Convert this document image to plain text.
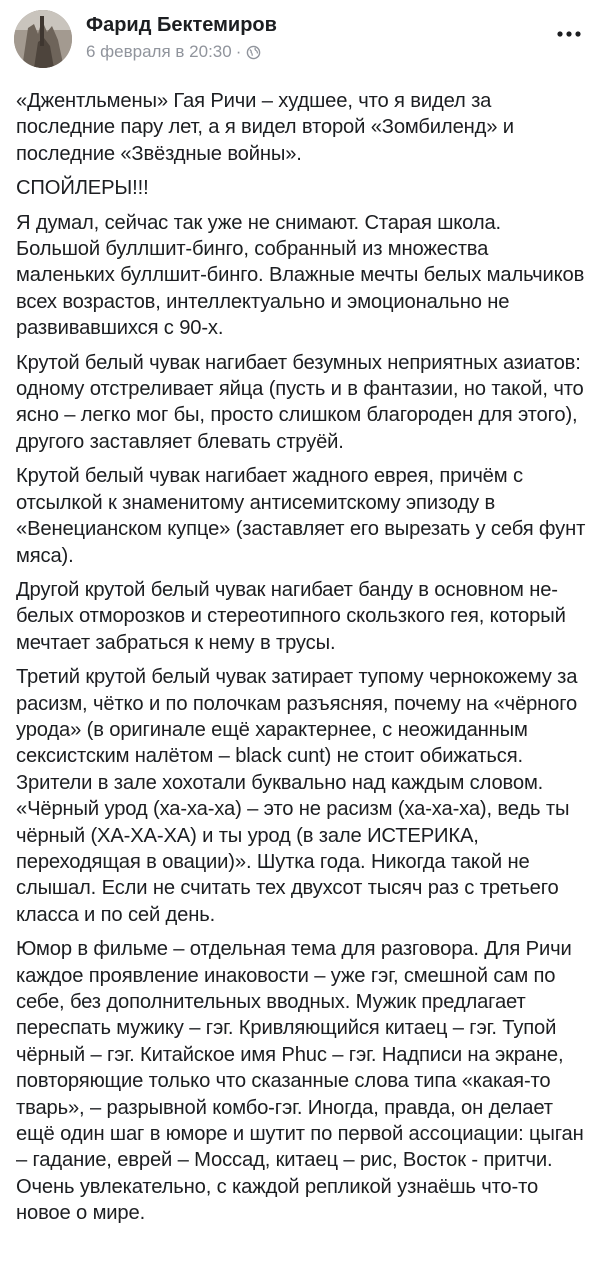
Фарид Бектемиров
6 февраля в 20:30 ·

«Джентльмены» Гая Ричи – худшее, что я видел за последние пару лет, а я видел второй «Зомбиленд» и последние «Звёздные войны».

СПОЙЛЕРЫ!!!

Я думал, сейчас так уже не снимают. Старая школа. Большой буллшит-бинго, собранный из множества маленьких буллшит-бинго. Влажные мечты белых мальчиков всех возрастов, интеллектуально и эмоционально не развивавшихся с 90-х.

Крутой белый чувак нагибает безумных неприятных азиатов: одному отстреливает яйца (пусть и в фантазии, но такой, что ясно – легко мог бы, просто слишком благороден для этого), другого заставляет блевать струёй.

Крутой белый чувак нагибает жадного еврея, причём с отсылкой к знаменитому антисемитскому эпизоду в «Венецианском купце» (заставляет его вырезать у себя фунт мяса).

Другой крутой белый чувак нагибает банду в основном не-белых отморозков и стереотипного скользкого гея, который мечтает забраться к нему в трусы.

Третий крутой белый чувак затирает тупому чернокожему за расизм, чётко и по полочкам разъясняя, почему на «чёрного урода» (в оригинале ещё характернее, с неожиданным сексистским налётом – black cunt) не стоит обижаться. Зрители в зале хохотали буквально над каждым словом. «Чёрный урод (ха-ха-ха) – это не расизм (ха-ха-ха), ведь ты чёрный (ХА-ХА-ХА) и ты урод (в зале ИСТЕРИКА, переходящая в овации)». Шутка года. Никогда такой не слышал. Если не считать тех двухсот тысяч раз с третьего класса и по сей день.

Юмор в фильме – отдельная тема для разговора. Для Ричи каждое проявление инаковости – уже гэг, смешной сам по себе, без дополнительных вводных. Мужик предлагает переспать мужику – гэг. Кривляющийся китаец – гэг. Тупой чёрный – гэг. Китайское имя Phuc – гэг. Надписи на экране, повторяющие только что сказанные слова типа «какая-то тварь», – разрывной комбо-гэг. Иногда, правда, он делает ещё один шаг в юморе и шутит по первой ассоциации: цыган – гадание, еврей – Моссад, китаец – рис, Восток - притчи. Очень увлекательно, с каждой репликой узнаёшь что-то новое о мире.
